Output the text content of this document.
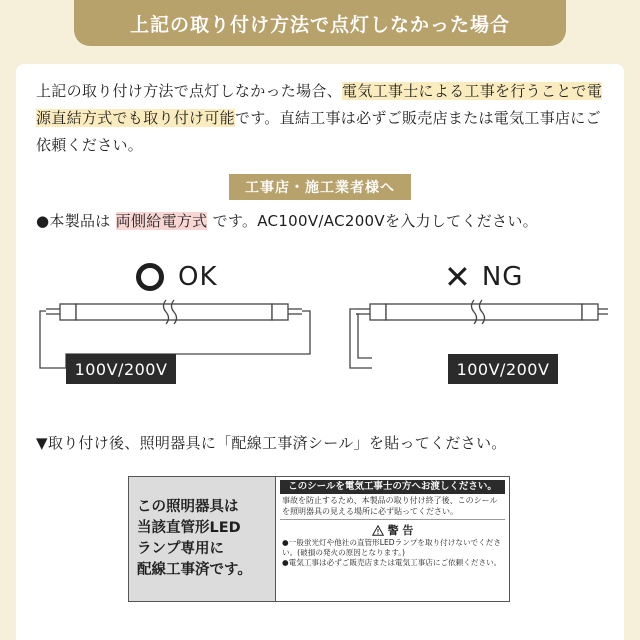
上記の取り付け方法で点灯しなかった場合
上記の取り付け方法で点灯しなかった場合、電気工事士による工事を行うことで電源直結方式でも取り付け可能です。直結工事は必ずご販売店または電気工事店にご依頼ください。
工事店・施工業者様へ
●本製品は 両側給電方式 です。AC100V/AC200Vを入力してください。
OK
100V/200V
✕ NG
100V/200V
▼取り付け後、照明器具に「配線工事済シール」を貼ってください。
この照明器具は
当該直管形LED
ランプ専用に
配線工事済です。
このシールを電気工事士の方へお渡しください。
事故を防止するため、本製品の取り付け終了後、このシールを照明器具の見える場所に必ず貼ってください。
警 告
●一般蛍光灯や他社の直管形LEDランプを取り付けないでください。(破損の発火の原因となります。)
●電気工事は必ずご販売店または電気工事店にご依頼ください。
